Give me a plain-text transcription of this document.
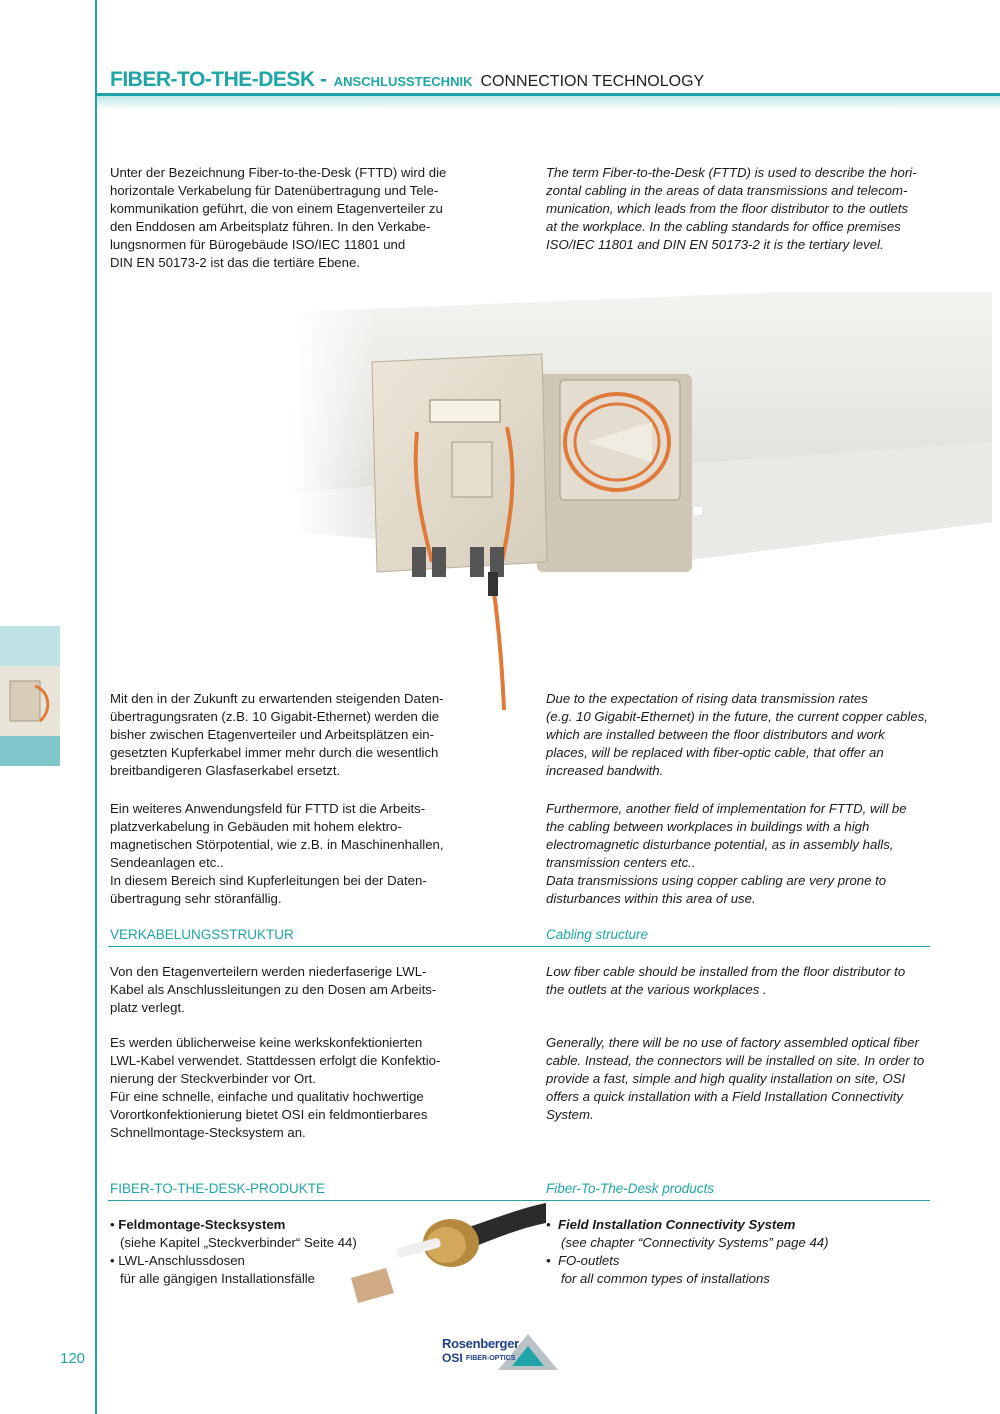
FIBER-TO-THE-DESK - ANSCHLUSSTECHNIK CONNECTION TECHNOLOGY
Unter der Bezeichnung Fiber-to-the-Desk (FTTD) wird die
horizontale Verkabelung für Datenübertragung und Tele-
kommunikation geführt, die von einem Etagenverteiler zu
den Enddosen am Arbeitsplatz führen. In den Verkabe-
lungsnormen für Bürogebäude ISO/IEC 11801 und
DIN EN 50173-2 ist das die tertiäre Ebene.
The term Fiber-to-the-Desk (FTTD) is used to describe the hori-
zontal cabling in the areas of data transmissions and telecom-
munication, which leads from the floor distributor to the outlets
at the workplace. In the cabling standards for office premises
ISO/IEC 11801 and DIN EN 50173-2 it is the tertiary level.
Mit den in der Zukunft zu erwartenden steigenden Daten-
übertragungsraten (z.B. 10 Gigabit-Ethernet) werden die
bisher zwischen Etagenverteiler und Arbeitsplätzen ein-
gesetzten Kupferkabel immer mehr durch die wesentlich
breitbandigeren Glasfaserkabel ersetzt.
Due to the expectation of rising data transmission rates
(e.g. 10 Gigabit-Ethernet) in the future, the current copper cables,
which are installed between the floor distributors and work
places, will be replaced with fiber-optic cable, that offer an
increased bandwith.
Ein weiteres Anwendungsfeld für FTTD ist die Arbeits-
platzverkabelung in Gebäuden mit hohem elektro-
magnetischen Störpotential, wie z.B. in Maschinenhallen,
Sendeanlagen etc..
In diesem Bereich sind Kupferleitungen bei der Daten-
übertragung sehr störanfällig.
Furthermore, another field of implementation for FTTD, will be
the cabling between workplaces in buildings with a high
electromagnetic disturbance potential, as in assembly halls,
transmission centers etc..
Data transmissions using copper cabling are very prone to
disturbances within this area of use.
VERKABELUNGSSTRUKTUR	Cabling structure
Von den Etagenverteilern werden niederfaserige LWL-
Kabel als Anschlussleitungen zu den Dosen am Arbeits-
platz verlegt.
Low fiber cable should be installed from the floor distributor to
the outlets at the various workplaces .
Es werden üblicherweise keine werkskonfektionierten
LWL-Kabel verwendet. Stattdessen erfolgt die Konfektio-
nierung der Steckverbinder vor Ort.
Für eine schnelle, einfache und qualitativ hochwertige
Vorortkonfektionierung bietet OSI ein feldmontierbares
Schnellmontage-Stecksystem an.
Generally, there will be no use of factory assembled optical fiber
cable. Instead, the connectors will be installed on site. In order to
provide a fast, simple and high quality installation on site, OSI
offers a quick installation with a Field Installation Connectivity
System.
FIBER-TO-THE-DESK-PRODUKTE	Fiber-To-The-Desk products
• Feldmontage-Stecksystem
(siehe Kapitel „Steckverbinder“ Seite 44)
• LWL-Anschlussdosen
für alle gängigen Installationsfälle
• Field Installation Connectivity System
(see chapter “Connectivity Systems” page 44)
• FO-outlets
for all common types of installations
120
Rosenberger
OSI FIBER-OPTICS
